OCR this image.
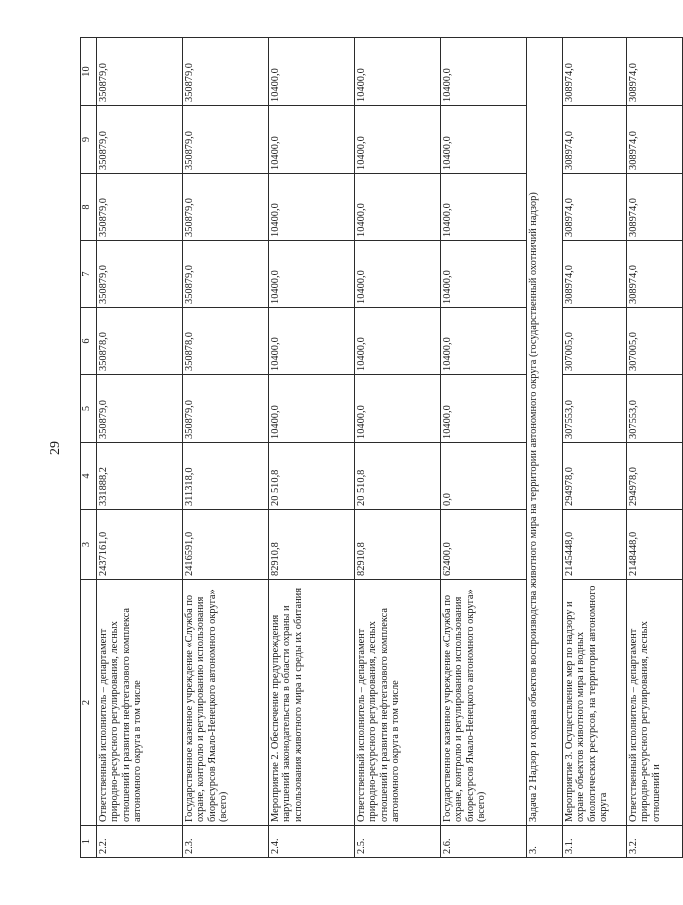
29
1	2	3	4	5	6	7	8	9	10
2.2.	Ответственный исполнитель – департамент природно-ресурсного регулирования, лесных отношений и развития нефтегазового комплекса автономного округа в том числе	2437161,0	331888,2	350879,0	350878,0	350879,0	350879,0	350879,0	350879,0
2.3.	Государственное казенное учреждение «Служба по охране, контролю и регулированию использования биоресурсов Ямало-Ненецкого автономного округа» (всего)	2416591,0	311318,0	350879,0	350878,0	350879,0	350879,0	350879,0	350879,0
2.4.	Мероприятие 2. Обеспечение предупреждения нарушений законодательства в области охраны и использования животного мира и среды их обитания	82910,8	20 510,8	10400,0	10400,0	10400,0	10400,0	10400,0	10400,0
2.5.	Ответственный исполнитель – департамент природно-ресурсного регулирования, лесных отношений и развития нефтегазового комплекса автономного округа в том числе	82910,8	20 510,8	10400,0	10400,0	10400,0	10400,0	10400,0	10400,0
2.6.	Государственное казенное учреждение «Служба по охране, контролю и регулированию использования биоресурсов Ямало-Ненецкого автономного округа» (всего)	62400,0	0,0	10400,0	10400,0	10400,0	10400,0	10400,0	10400,0
3.	Задача 2 Надзор и охрана объектов воспроизводства животного мира на территории автономного округа (государственный охотничий надзор)								
3.1.	Мероприятие 3. Осуществление мер по надзору и охране объектов животного мира и водных биологических ресурсов, на территории автономного округа	2145448,0	294978,0	307553,0	307005,0	308974,0	308974,0	308974,0	308974,0
3.2.	Ответственный исполнитель – департамент природно-ресурсного регулирования, лесных отношений и	2148448,0	294978,0	307553,0	307005,0	308974,0	308974,0	308974,0	308974,0
